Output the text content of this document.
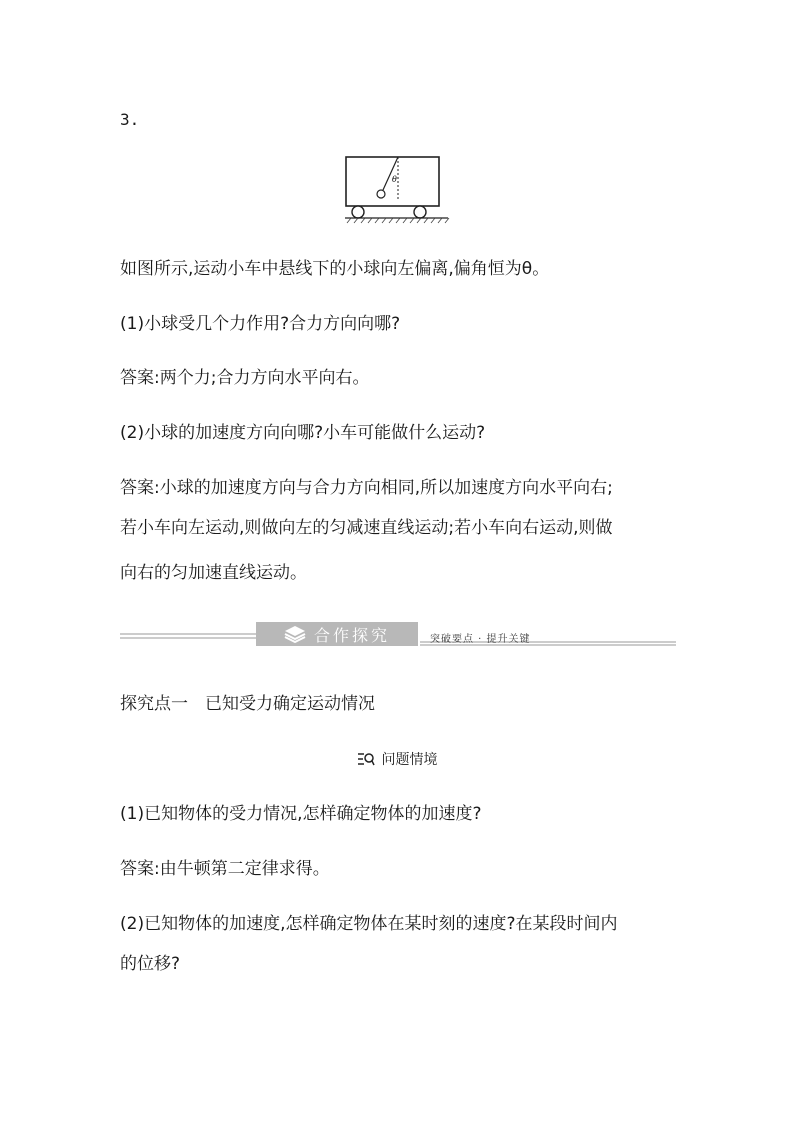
3.
θ
如图所示,运动小车中悬线下的小球向左偏离,偏角恒为θ。
(1)小球受几个力作用?合力方向向哪?
答案:两个力;合力方向水平向右。
(2)小球的加速度方向向哪?小车可能做什么运动?
答案:小球的加速度方向与合力方向相同,所以加速度方向水平向右;
若小车向左运动,则做向左的匀减速直线运动;若小车向右运动,则做
向右的匀加速直线运动。
合作探究	突破要点 · 提升关键
探究点一　已知受力确定运动情况
问题情境
(1)已知物体的受力情况,怎样确定物体的加速度?
答案:由牛顿第二定律求得。
(2)已知物体的加速度,怎样确定物体在某时刻的速度?在某段时间内
的位移?
